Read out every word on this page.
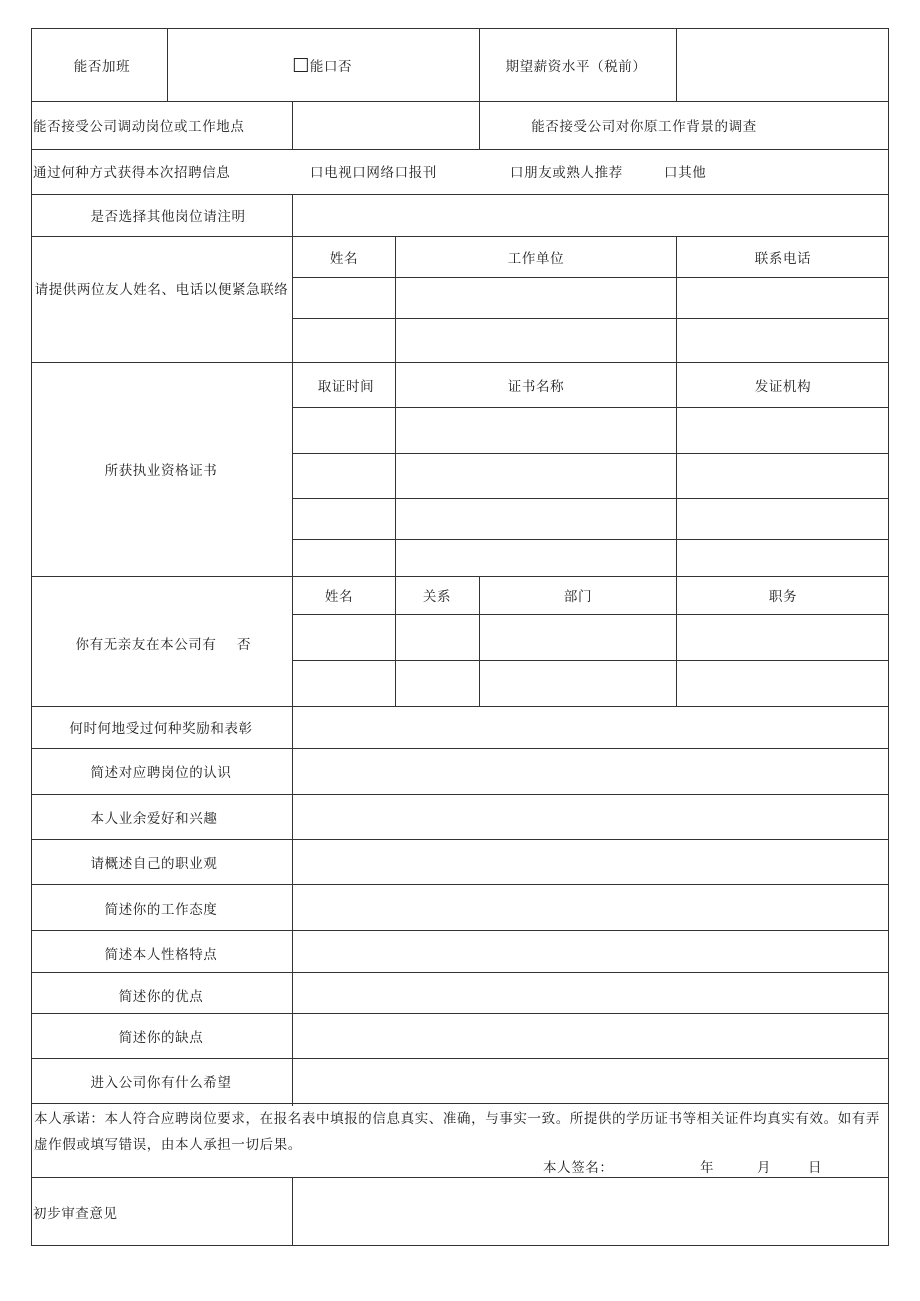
能否加班	能口否	期望薪资水平（税前）
能否接受公司调动岗位或工作地点	能否接受公司对你原工作背景的调查
通过何种方式获得本次招聘信息	口电视口网络口报刊	口朋友或熟人推荐	口其他
是否选择其他岗位请注明
请提供两位友人姓名、电话以便紧急联络
姓名	工作单位	联系电话
所获执业资格证书
取证时间	证书名称	发证机构
你有无亲友在本公司有 否
姓名	关系	部门	职务
何时何地受过何种奖励和表彰
简述对应聘岗位的认识
本人业余爱好和兴趣
请概述自己的职业观
简述你的工作态度
简述本人性格特点
简述你的优点
简述你的缺点
进入公司你有什么希望
本人承诺：本人符合应聘岗位要求，在报名表中填报的信息真实、准确，与事实一致。所提供的学历证书等相关证件均真实有效。如有弄虚作假或填写错误，由本人承担一切后果。
本人签名：	年	月	日
初步审查意见
